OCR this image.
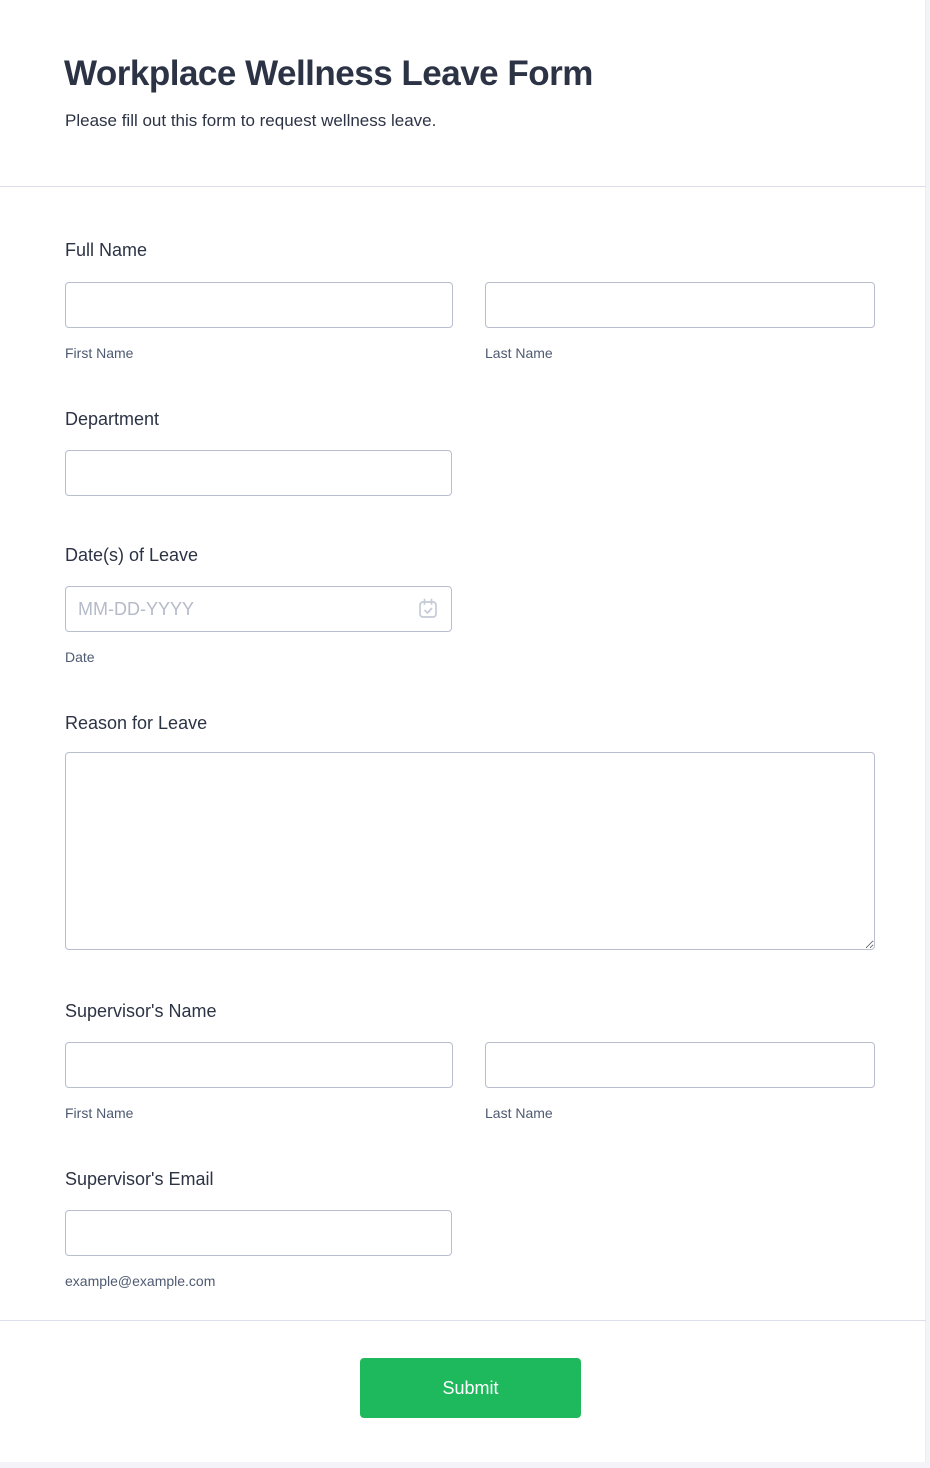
Workplace Wellness Leave Form
Please fill out this form to request wellness leave.
Full Name
First Name	Last Name
Department
Date(s) of Leave
MM-DD-YYYY
Date
Reason for Leave
Supervisor's Name
First Name	Last Name
Supervisor's Email
example@example.com
Submit
